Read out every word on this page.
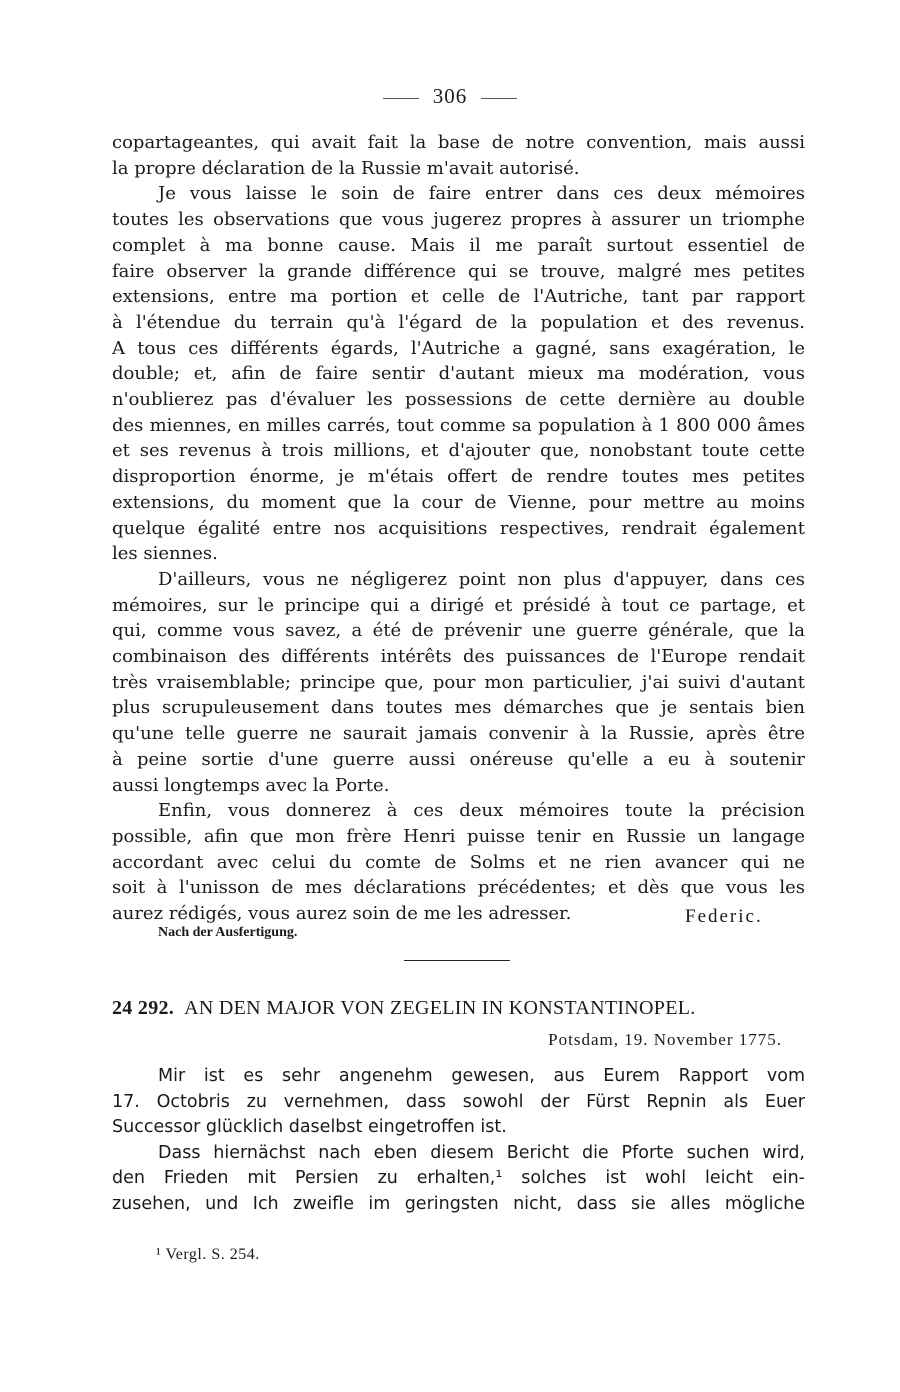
306
copartageantes, qui avait fait la base de notre convention, mais aussi
la propre déclaration de la Russie m'avait autorisé.
Je vous laisse le soin de faire entrer dans ces deux mémoires
toutes les observations que vous jugerez propres à assurer un triomphe
complet à ma bonne cause. Mais il me paraît surtout essentiel de
faire observer la grande différence qui se trouve, malgré mes petites
extensions, entre ma portion et celle de l'Autriche, tant par rapport
à l'étendue du terrain qu'à l'égard de la population et des revenus.
A tous ces différents égards, l'Autriche a gagné, sans exagération, le
double; et, afin de faire sentir d'autant mieux ma modération, vous
n'oublierez pas d'évaluer les possessions de cette dernière au double
des miennes, en milles carrés, tout comme sa population à 1 800 000 âmes
et ses revenus à trois millions, et d'ajouter que, nonobstant toute cette
disproportion énorme, je m'étais offert de rendre toutes mes petites
extensions, du moment que la cour de Vienne, pour mettre au moins
quelque égalité entre nos acquisitions respectives, rendrait également
les siennes.
D'ailleurs, vous ne négligerez point non plus d'appuyer, dans ces
mémoires, sur le principe qui a dirigé et présidé à tout ce partage, et
qui, comme vous savez, a été de prévenir une guerre générale, que la
combinaison des différents intérêts des puissances de l'Europe rendait
très vraisemblable; principe que, pour mon particulier, j'ai suivi d'autant
plus scrupuleusement dans toutes mes démarches que je sentais bien
qu'une telle guerre ne saurait jamais convenir à la Russie, après être
à peine sortie d'une guerre aussi onéreuse qu'elle a eu à soutenir
aussi longtemps avec la Porte.
Enfin, vous donnerez à ces deux mémoires toute la précision
possible, afin que mon frère Henri puisse tenir en Russie un langage
accordant avec celui du comte de Solms et ne rien avancer qui ne
soit à l'unisson de mes déclarations précédentes; et dès que vous les
aurez rédigés, vous aurez soin de me les adresser.	Federic.
Nach der Ausfertigung.
24 292. AN DEN MAJOR VON ZEGELIN IN KONSTANTINOPEL.
Potsdam, 19. November 1775.
Mir ist es sehr angenehm gewesen, aus Eurem Rapport vom
17. Octobris zu vernehmen, dass sowohl der Fürst Repnin als Euer
Successor glücklich daselbst eingetroffen ist.
Dass hiernächst nach eben diesem Bericht die Pforte suchen wird,
den Frieden mit Persien zu erhalten,¹ solches ist wohl leicht ein-
zusehen, und Ich zweifle im geringsten nicht, dass sie alles mögliche
¹ Vergl. S. 254.
